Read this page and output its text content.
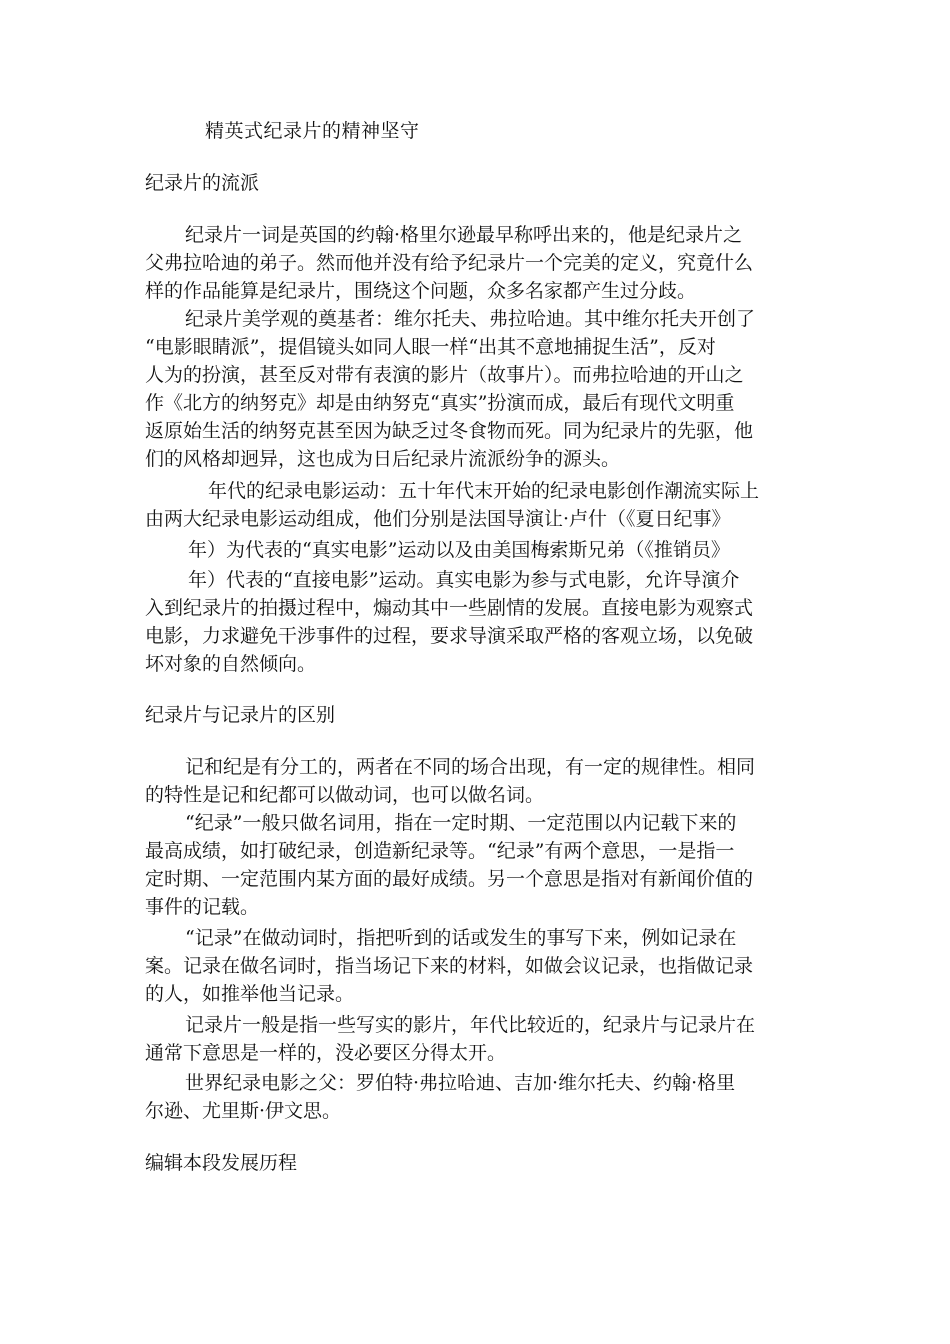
精英式纪录片的精神坚守
纪录片的流派
纪录片一词是英国的约翰·格里尔逊最早称呼出来的，他是纪录片之
父弗拉哈迪的弟子。然而他并没有给予纪录片一个完美的定义，究竟什么
样的作品能算是纪录片，围绕这个问题，众多名家都产生过分歧。
纪录片美学观的奠基者：维尔托夫、弗拉哈迪。其中维尔托夫开创了
“电影眼睛派”，提倡镜头如同人眼一样“出其不意地捕捉生活”，反对
人为的扮演，甚至反对带有表演的影片（故事片）。而弗拉哈迪的开山之
作《北方的纳努克》却是由纳努克“真实”扮演而成，最后有现代文明重
返原始生活的纳努克甚至因为缺乏过冬食物而死。同为纪录片的先驱，他
们的风格却迥异，这也成为日后纪录片流派纷争的源头。
年代的纪录电影运动：五十年代末开始的纪录电影创作潮流实际上
由两大纪录电影运动组成，他们分别是法国导演让·卢什（《夏日纪事》
年）为代表的“真实电影”运动以及由美国梅索斯兄弟（《推销员》
年）代表的“直接电影”运动。真实电影为参与式电影，允许导演介
入到纪录片的拍摄过程中，煽动其中一些剧情的发展。直接电影为观察式
电影，力求避免干涉事件的过程，要求导演采取严格的客观立场，以免破
坏对象的自然倾向。
纪录片与记录片的区别
记和纪是有分工的，两者在不同的场合出现，有一定的规律性。相同
的特性是记和纪都可以做动词，也可以做名词。
“纪录”一般只做名词用，指在一定时期、一定范围以内记载下来的
最高成绩，如打破纪录，创造新纪录等。“纪录”有两个意思，一是指一
定时期、一定范围内某方面的最好成绩。另一个意思是指对有新闻价值的
事件的记载。
“记录”在做动词时，指把听到的话或发生的事写下来，例如记录在
案。记录在做名词时，指当场记下来的材料，如做会议记录，也指做记录
的人，如推举他当记录。
记录片一般是指一些写实的影片，年代比较近的，纪录片与记录片在
通常下意思是一样的，没必要区分得太开。
世界纪录电影之父：罗伯特·弗拉哈迪、吉加·维尔托夫、约翰·格里
尔逊、尤里斯·伊文思。
编辑本段发展历程
